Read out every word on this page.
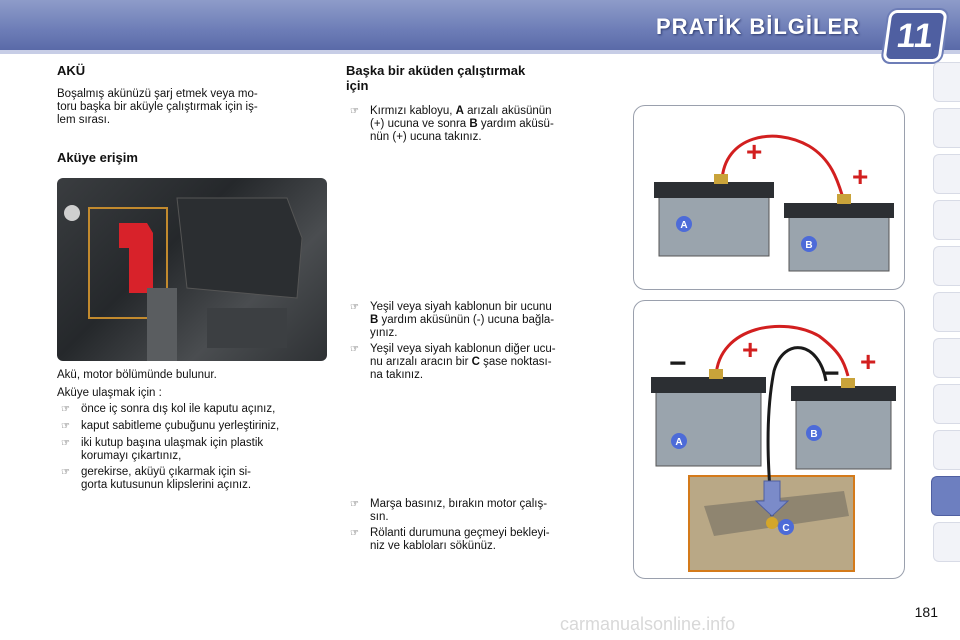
PRATİK BİLGİLER	11
AKÜ
Boşalmış akünüzü şarj etmek veya mo-
toru başka bir aküyle çalıştırmak için iş-
lem sırası.
Aküye erişim
Akü, motor bölümünde bulunur.
Aküye ulaşmak için :
☞ önce iç sonra dış kol ile kaputu açınız,
☞ kaput sabitleme çubuğunu yerleştiriniz,
☞ iki kutup başına ulaşmak için plastik
korumayı çıkartınız,
☞ gerekirse, aküyü çıkarmak için si-
gorta kutusunun klipslerini açınız.
Başka bir aküden çalıştırmak
için
☞ Kırmızı kabloyu, A arızalı aküsünün
(+) ucuna ve sonra B yardım aküsü-
nün (+) ucuna takınız.
☞ Yeşil veya siyah kablonun bir ucunu
B yardım aküsünün (-) ucuna bağla-
yınız.
☞ Yeşil veya siyah kablonun diğer ucu-
nu arızalı aracın bir C şase noktası-
na takınız.
☞ Marşa basınız, bırakın motor çalış-
sın.
☞ Rölanti durumuna geçmeyi bekleyi-
niz ve kabloları sökünüz.
A
B
+
+
A
B
+	+
−	−
C
181
carmanualsonline.info
